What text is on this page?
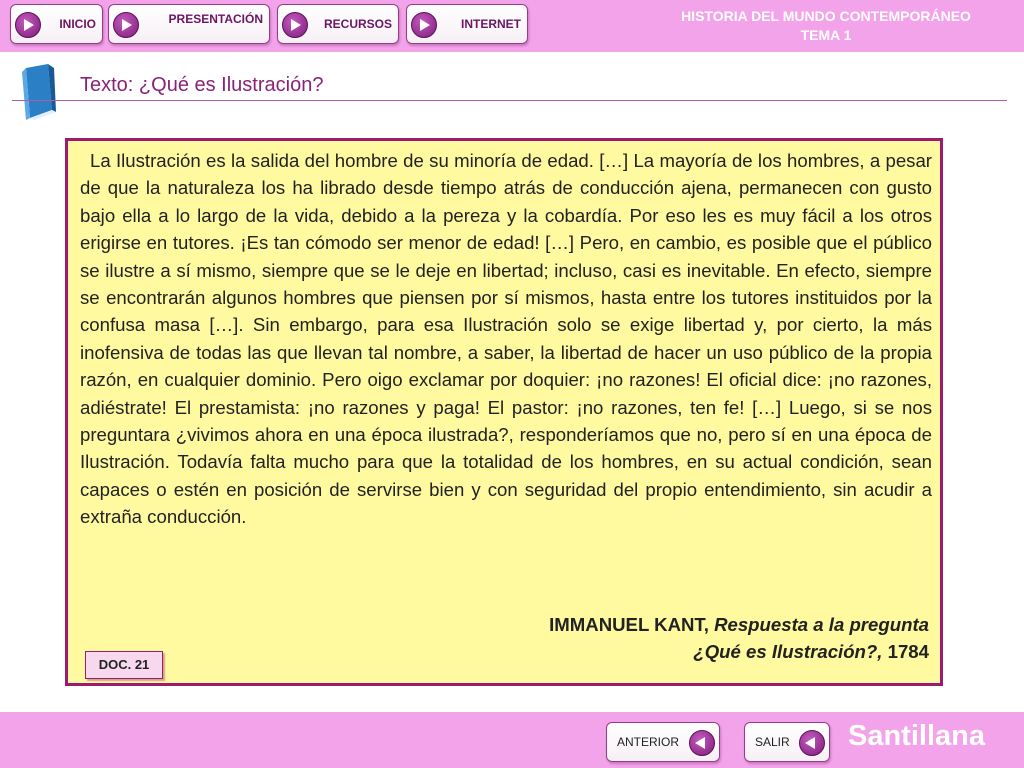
INICIO	PRESENTACIÓN	RECURSOS	INTERNET	HISTORIA DEL MUNDO CONTEMPORÁNEO
TEMA 1
Texto: ¿Qué es Ilustración?

La Ilustración es la salida del hombre de su minoría de edad. […] La mayoría de los hombres, a pesar de que la naturaleza los ha librado desde tiempo atrás de conducción ajena, permanecen con gusto bajo ella a lo largo de la vida, debido a la pereza y la cobardía. Por eso les es muy fácil a los otros erigirse en tutores. ¡Es tan cómodo ser menor de edad! […] Pero, en cambio, es posible que el público se ilustre a sí mismo, siempre que se le deje en libertad; incluso, casi es inevitable. En efecto, siempre se encontrarán algunos hombres que piensen por sí mismos, hasta entre los tutores instituidos por la confusa masa […]. Sin embargo, para esa Ilustración solo se exige libertad y, por cierto, la más inofensiva de todas las que llevan tal nombre, a saber, la libertad de hacer un uso público de la propia razón, en cualquier dominio. Pero oigo exclamar por doquier: ¡no razones! El oficial dice: ¡no razones, adiéstrate! El prestamista: ¡no razones y paga! El pastor: ¡no razones, ten fe! […] Luego, si se nos preguntara ¿vivimos ahora en una época ilustrada?, responderíamos que no, pero sí en una época de Ilustración. Todavía falta mucho para que la totalidad de los hombres, en su actual condición, sean capaces o estén en posición de servirse bien y con seguridad del propio entendimiento, sin acudir a extraña conducción.

IMMANUEL KANT, Respuesta a la pregunta
¿Qué es Ilustración?, 1784
DOC. 21
ANTERIOR	SALIR Santillana
